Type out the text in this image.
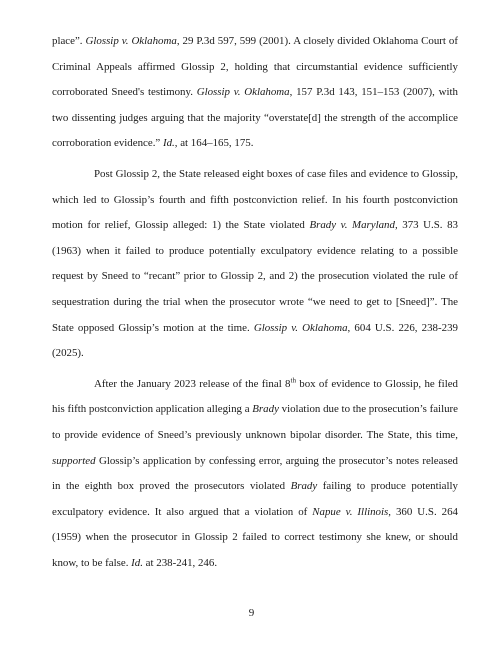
place”. Glossip v. Oklahoma, 29 P.3d 597, 599 (2001). A closely divided Oklahoma Court of Criminal Appeals affirmed Glossip 2, holding that circumstantial evidence sufficiently corroborated Sneed's testimony. Glossip v. Oklahoma, 157 P.3d 143, 151–153 (2007), with two dissenting judges arguing that the majority “overstate[d] the strength of the accomplice corroboration evidence.” Id., at 164–165, 175.

Post Glossip 2, the State released eight boxes of case files and evidence to Glossip, which led to Glossip’s fourth and fifth postconviction relief. In his fourth postconviction motion for relief, Glossip alleged: 1) the State violated Brady v. Maryland, 373 U.S. 83 (1963) when it failed to produce potentially exculpatory evidence relating to a possible request by Sneed to “recant” prior to Glossip 2, and 2) the prosecution violated the rule of sequestration during the trial when the prosecutor wrote “we need to get to [Sneed]”. The State opposed Glossip’s motion at the time. Glossip v. Oklahoma, 604 U.S. 226, 238-239 (2025).

After the January 2023 release of the final 8th box of evidence to Glossip, he filed his fifth postconviction application alleging a Brady violation due to the prosecution’s failure to provide evidence of Sneed’s previously unknown bipolar disorder. The State, this time, supported Glossip’s application by confessing error, arguing the prosecutor’s notes released in the eighth box proved the prosecutors violated Brady failing to produce potentially exculpatory evidence. It also argued that a violation of Napue v. Illinois, 360 U.S. 264 (1959) when the prosecutor in Glossip 2 failed to correct testimony she knew, or should know, to be false. Id. at 238-241, 246.

9
